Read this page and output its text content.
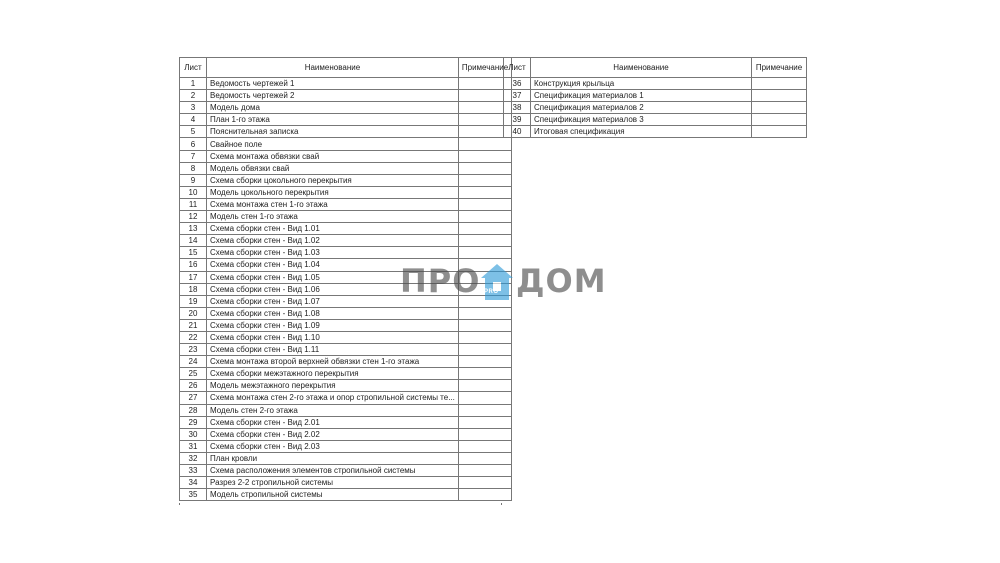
Лист	Наименование	Примечание
1	Ведомость чертежей 1	
2	Ведомость чертежей 2	
3	Модель дома	
4	План 1-го этажа	
5	Пояснительная записка	
6	Свайное поле	
7	Схема монтажа обвязки свай	
8	Модель обвязки свай	
9	Схема сборки цокольного перекрытия	
10	Модель цокольного перекрытия	
11	Схема монтажа стен 1-го этажа	
12	Модель стен 1-го этажа	
13	Схема сборки стен - Вид 1.01	
14	Схема сборки стен - Вид 1.02	
15	Схема сборки стен - Вид 1.03	
16	Схема сборки стен - Вид 1.04	
17	Схема сборки стен - Вид 1.05	
18	Схема сборки стен - Вид 1.06	
19	Схема сборки стен - Вид 1.07	
20	Схема сборки стен - Вид 1.08	
21	Схема сборки стен - Вид 1.09	
22	Схема сборки стен - Вид 1.10	
23	Схема сборки стен - Вид 1.11	
24	Схема монтажа второй верхней обвязки стен 1-го этажа	
25	Схема сборки межэтажного перекрытия	
26	Модель межэтажного перекрытия	
27	Схема монтажа стен 2-го этажа и опор стропильной системы те...	
28	Модель стен 2-го этажа	
29	Схема сборки стен - Вид 2.01	
30	Схема сборки стен - Вид 2.02	
31	Схема сборки стен - Вид 2.03	
32	План кровли	
33	Схема расположения элементов стропильной системы	
34	Разрез 2-2 стропильной системы	
35	Модель стропильной системы	
Лист	Наименование	Примечание
36	Конструкция крыльца	
37	Спецификация материалов 1	
38	Спецификация материалов 2	
39	Спецификация материалов 3	
40	Итоговая спецификация	
ПРО PRO ДОМ
